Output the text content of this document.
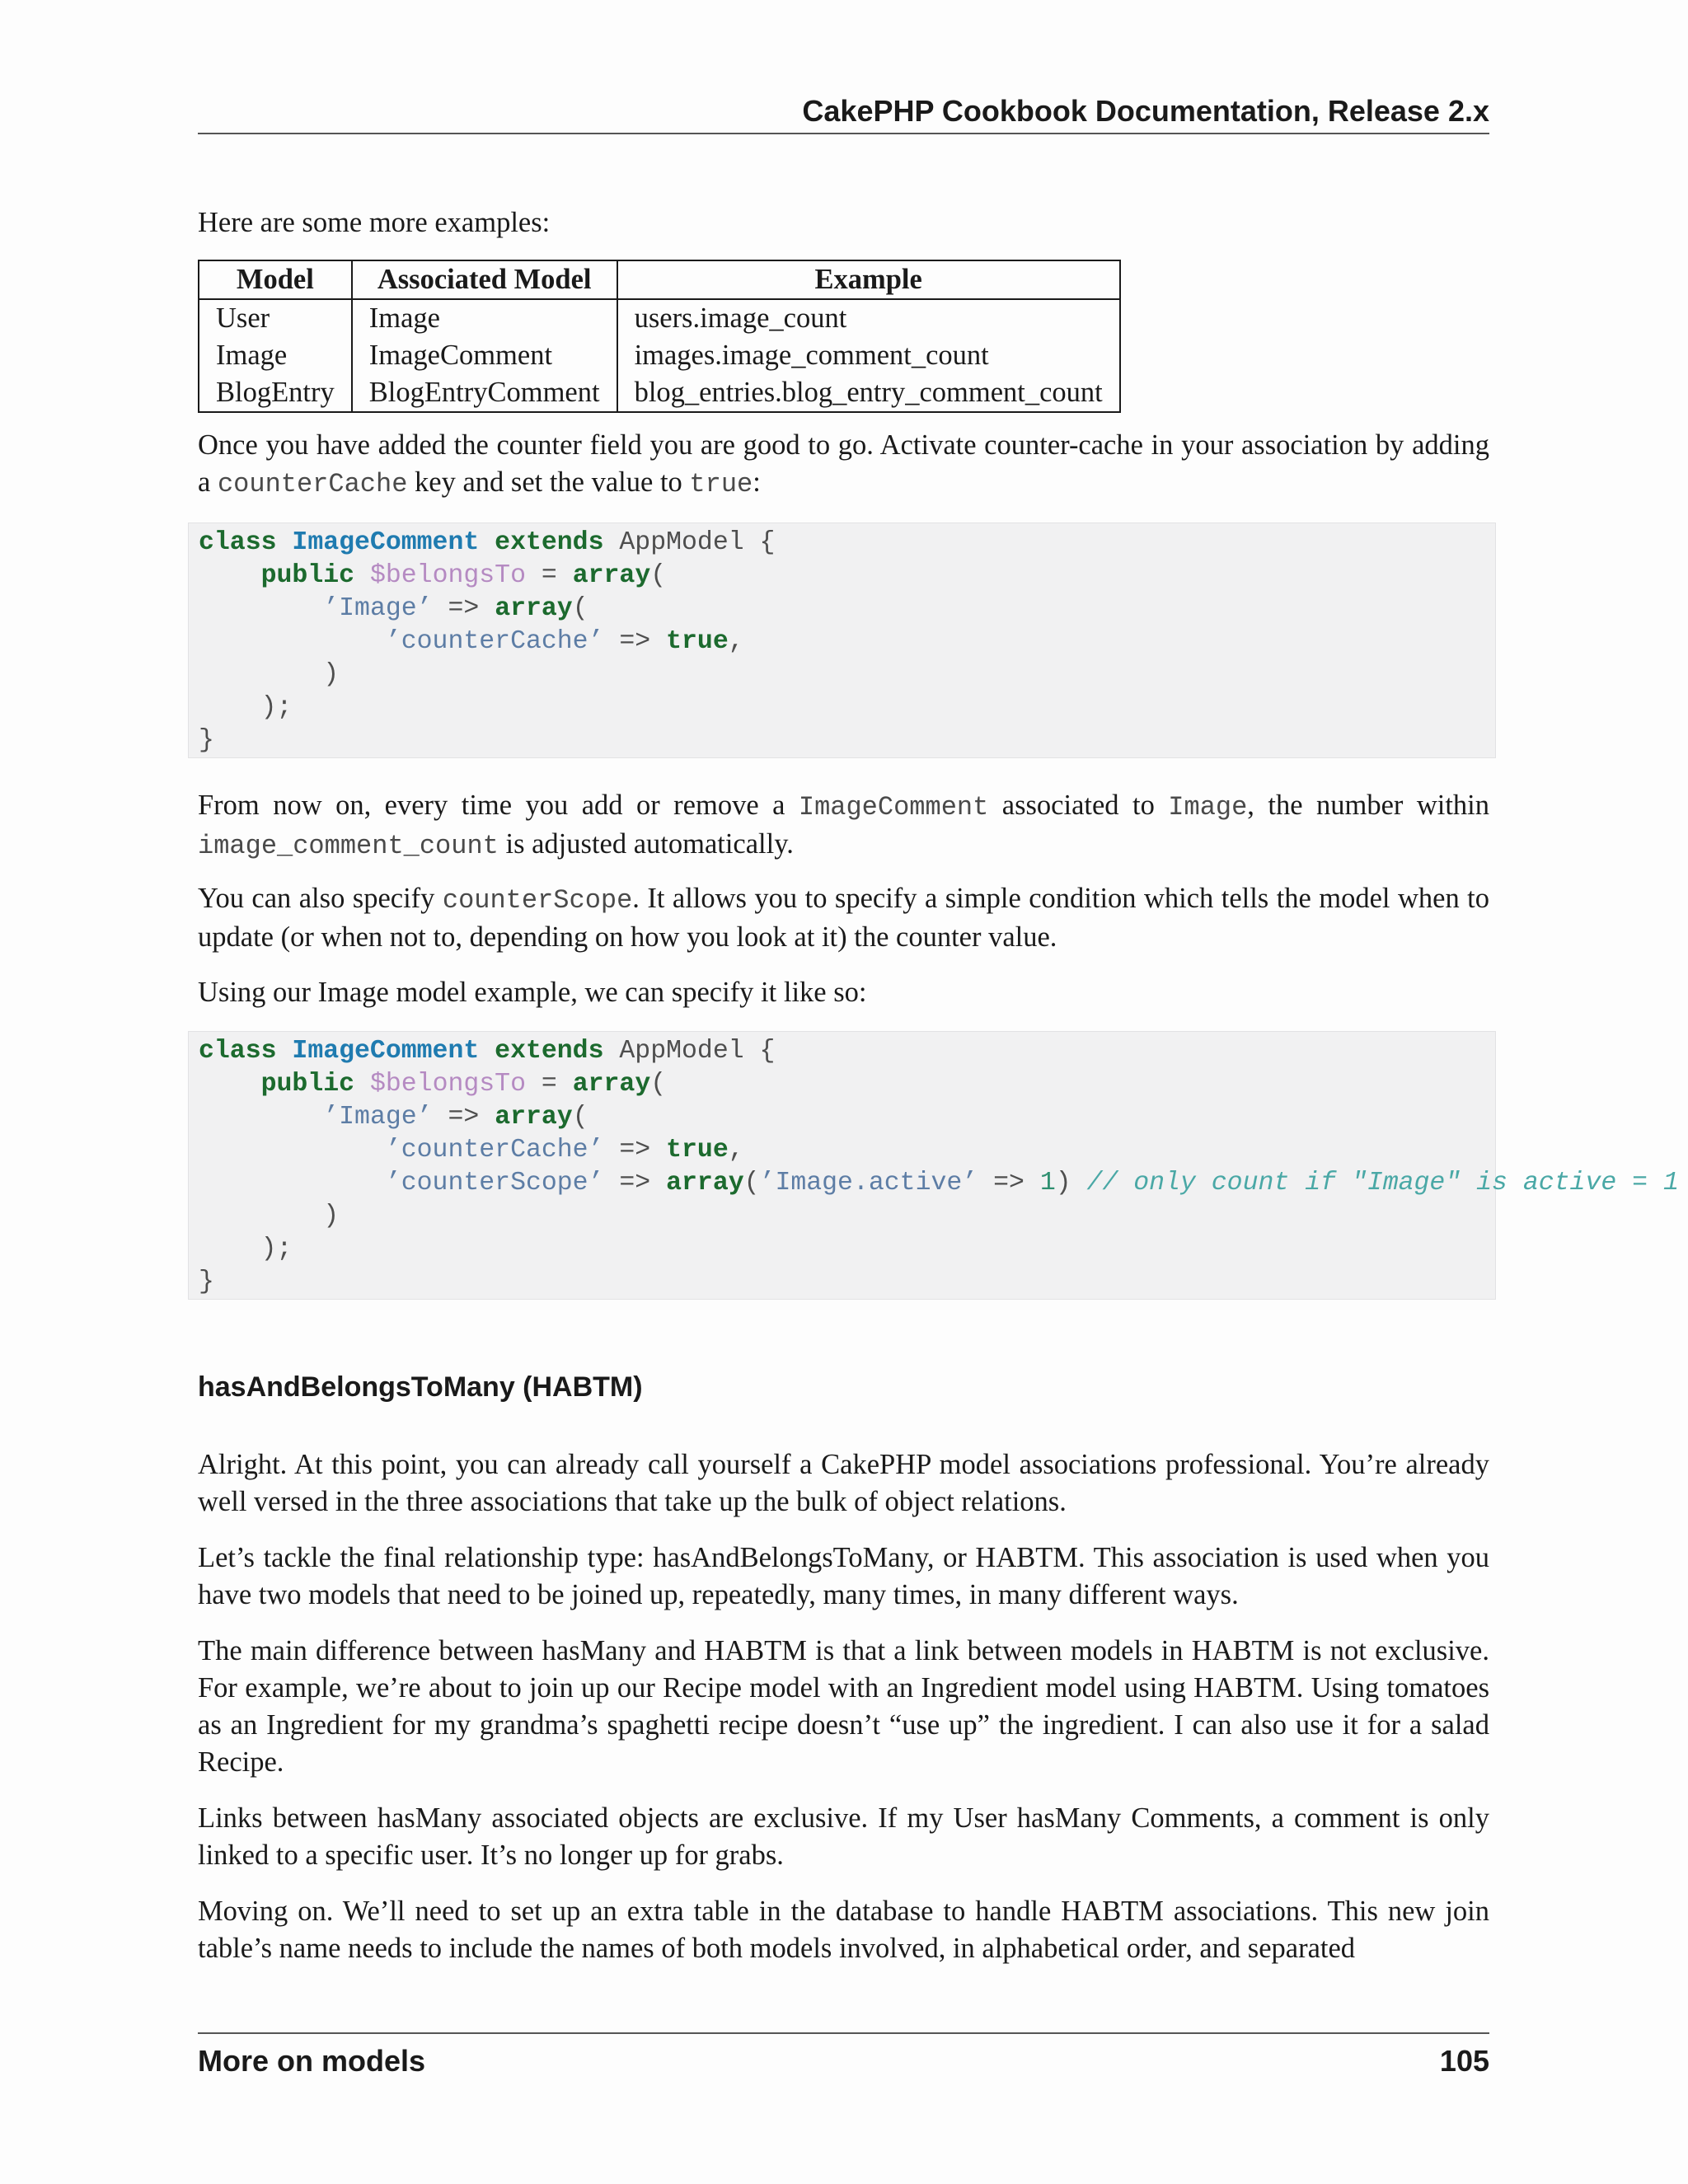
CakePHP Cookbook Documentation, Release 2.x

Here are some more examples:

Model	Associated Model	Example
User	Image	users.image_count
Image	ImageComment	images.image_comment_count
BlogEntry	BlogEntryComment	blog_entries.blog_entry_comment_count

Once you have added the counter field you are good to go. Activate counter-cache in your association by adding a counterCache key and set the value to true:

class ImageComment extends AppModel {
public $belongsTo = array(
’Image’ => array(
’counterCache’ => true,
)
);
}

From now on, every time you add or remove a ImageComment associated to Image, the number within image_comment_count is adjusted automatically.

You can also specify counterScope. It allows you to specify a simple condition which tells the model when to update (or when not to, depending on how you look at it) the counter value.

Using our Image model example, we can specify it like so:

class ImageComment extends AppModel {
public $belongsTo = array(
’Image’ => array(
’counterCache’ => true,
’counterScope’ => array(’Image.active’ => 1) // only count if "Image" is active = 1
)
);
}
hasAndBelongsToMany (HABTM)

Alright. At this point, you can already call yourself a CakePHP model associations professional. You’re already well versed in the three associations that take up the bulk of object relations.

Let’s tackle the final relationship type: hasAndBelongsToMany, or HABTM. This association is used when you have two models that need to be joined up, repeatedly, many times, in many different ways.

The main difference between hasMany and HABTM is that a link between models in HABTM is not exclusive. For example, we’re about to join up our Recipe model with an Ingredient model using HABTM. Using tomatoes as an Ingredient for my grandma’s spaghetti recipe doesn’t “use up” the ingredient. I can also use it for a salad Recipe.

Links between hasMany associated objects are exclusive. If my User hasMany Comments, a comment is only linked to a specific user. It’s no longer up for grabs.

Moving on. We’ll need to set up an extra table in the database to handle HABTM associations. This new join table’s name needs to include the names of both models involved, in alphabetical order, and separated

More on models	105
